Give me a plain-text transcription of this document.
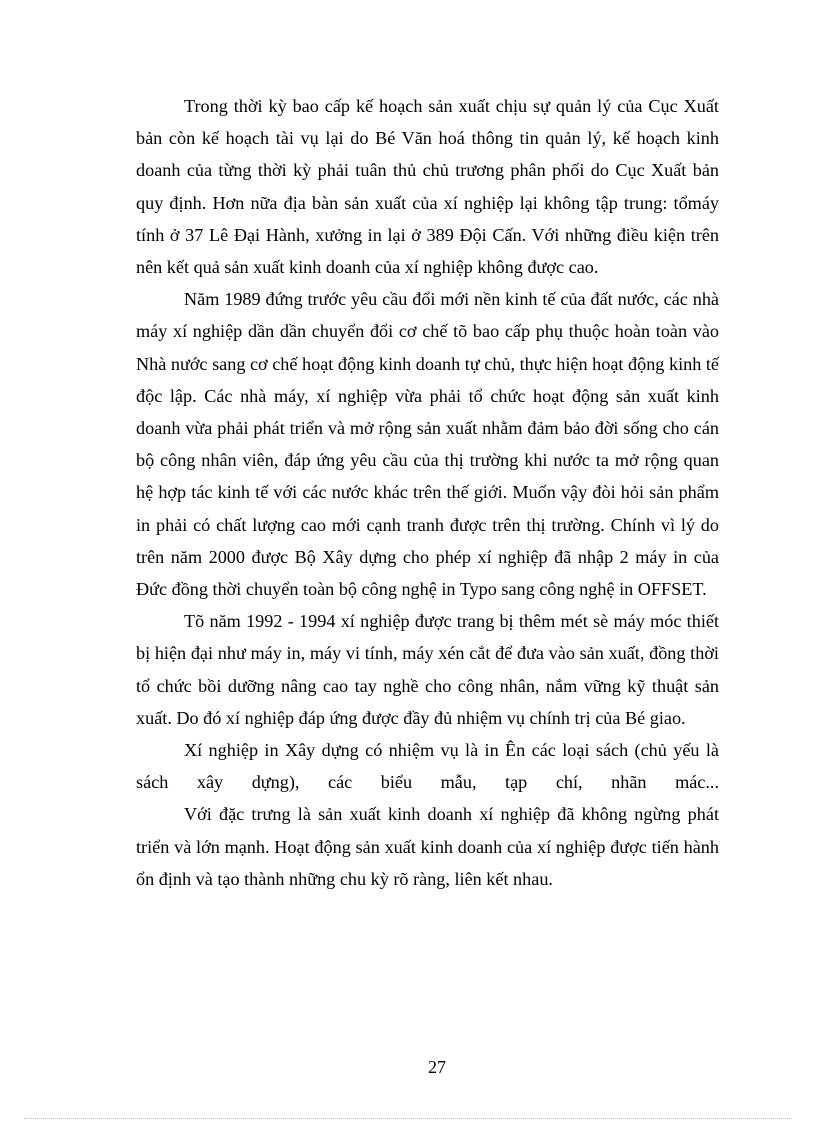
Trong thời kỳ bao cấp kế hoạch sản xuất chịu sự quản lý của Cục Xuất bản còn kế hoạch tài vụ lại do Bé Văn hoá thông tin quản lý, kế hoạch kinh doanh của từng thời kỳ phải tuân thủ chủ trương phân phối do Cục Xuất bản quy định. Hơn nữa địa bàn sản xuất của xí nghiệp lại không tập trung: tổmáy tính ở 37 Lê Đại Hành, xưởng in lại ở 389 Đội Cấn. Với những điều kiện trên nên kết quả sản xuất kinh doanh của xí nghiệp không được cao.

Năm 1989 đứng trước yêu cầu đổi mới nền kinh tế của đất nước, các nhà máy xí nghiệp dần dần chuyển đổi cơ chế tõ bao cấp phụ thuộc hoàn toàn vào Nhà nước sang cơ chế hoạt động kinh doanh tự chủ, thực hiện hoạt động kinh tế độc lập. Các nhà máy, xí nghiệp vừa phải tổ chức hoạt động sản xuất kinh doanh vừa phải phát triển và mở rộng sản xuất nhằm đảm bảo đời sống cho cán bộ công nhân viên, đáp ứng yêu cầu của thị trường khi nước ta mở rộng quan hệ hợp tác kinh tế với các nước khác trên thế giới. Muốn vậy đòi hỏi sản phẩm in phải có chất lượng cao mới cạnh tranh được trên thị trường. Chính vì lý do trên năm 2000 được Bộ Xây dựng cho phép xí nghiệp đã nhập 2 máy in của Đức đồng thời chuyển toàn bộ công nghệ in Typo sang công nghệ in OFFSET.

Tõ năm 1992 - 1994 xí nghiệp được trang bị thêm mét sè máy móc thiết bị hiện đại như máy in, máy vi tính, máy xén cắt để đưa vào sản xuất, đồng thời tổ chức bồi dưỡng nâng cao tay nghề cho công nhân, nắm vững kỹ thuật sản xuất. Do đó xí nghiệp đáp ứng được đầy đủ nhiệm vụ chính trị của Bé giao.

Xí nghiệp in Xây dựng có nhiệm vụ là in Ên các loại sách (chủ yếu là sách xây dựng), các biểu mẫu, tạp chí, nhãn mác...

Với đặc trưng là sản xuất kinh doanh xí nghiệp đã không ngừng phát triển và lớn mạnh. Hoạt động sản xuất kinh doanh của xí nghiệp được tiến hành ổn định và tạo thành những chu kỳ rõ ràng, liên kết nhau.

27
